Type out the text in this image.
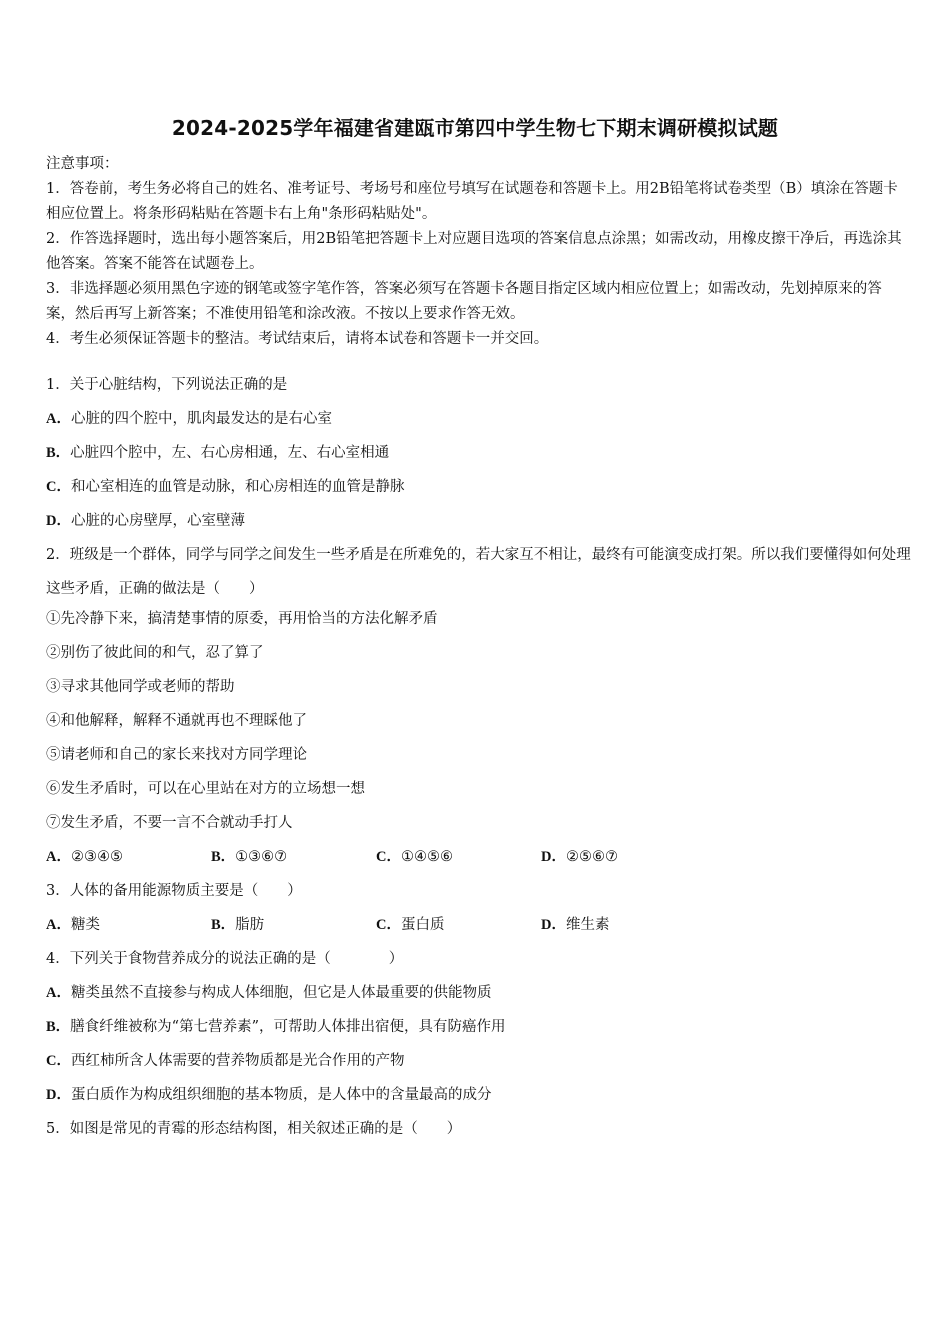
2024-2025学年福建省建瓯市第四中学生物七下期末调研模拟试题

注意事项：

1．答卷前，考生务必将自己的姓名、准考证号、考场号和座位号填写在试题卷和答题卡上。用2B铅笔将试卷类型（B）填涂在答题卡相应位置上。将条形码粘贴在答题卡右上角"条形码粘贴处"。

2．作答选择题时，选出每小题答案后，用2B铅笔把答题卡上对应题目选项的答案信息点涂黑；如需改动，用橡皮擦干净后，再选涂其他答案。答案不能答在试题卷上。

3．非选择题必须用黑色字迹的钢笔或签字笔作答，答案必须写在答题卡各题目指定区域内相应位置上；如需改动，先划掉原来的答案，然后再写上新答案；不准使用铅笔和涂改液。不按以上要求作答无效。

4．考生必须保证答题卡的整洁。考试结束后，请将本试卷和答题卡一并交回。

1．关于心脏结构，下列说法正确的是
A．心脏的四个腔中，肌肉最发达的是右心室
B．心脏四个腔中，左、右心房相通，左、右心室相通
C．和心室相连的血管是动脉，和心房相连的血管是静脉
D．心脏的心房壁厚，心室壁薄
2．班级是一个群体，同学与同学之间发生一些矛盾是在所难免的，若大家互不相让，最终有可能演变成打架。所以我们要懂得如何处理这些矛盾，正确的做法是（　　）
①先冷静下来，搞清楚事情的原委，再用恰当的方法化解矛盾
②别伤了彼此间的和气，忍了算了
③寻求其他同学或老师的帮助
④和他解释，解释不通就再也不理睬他了
⑤请老师和自己的家长来找对方同学理论
⑥发生矛盾时，可以在心里站在对方的立场想一想
⑦发生矛盾，不要一言不合就动手打人
A．②③④⑤	B．①③⑥⑦	C．①④⑤⑥	D．②⑤⑥⑦
3．人体的备用能源物质主要是（　　）
A．糖类	B．脂肪	C．蛋白质	D．维生素
4．下列关于食物营养成分的说法正确的是（　　　　）
A．糖类虽然不直接参与构成人体细胞，但它是人体最重要的供能物质
B．膳食纤维被称为“第七营养素”，可帮助人体排出宿便，具有防癌作用
C．西红柿所含人体需要的营养物质都是光合作用的产物
D．蛋白质作为构成组织细胞的基本物质，是人体中的含量最高的成分
5．如图是常见的青霉的形态结构图，相关叙述正确的是（　　）
